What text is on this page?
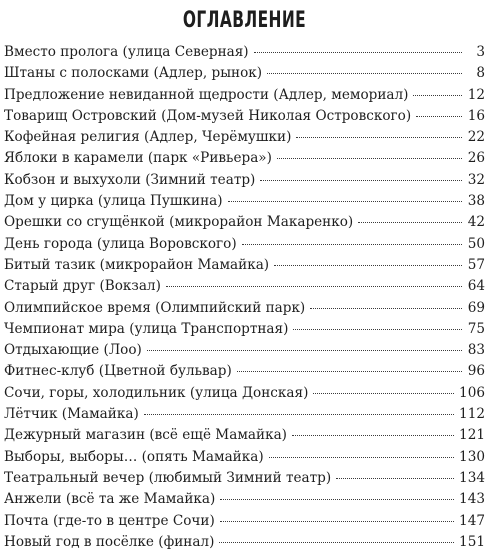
ОГЛАВЛЕНИЕ
Вместо пролога (улица Северная)	3
Штаны с полосками (Адлер, рынок)	8
Предложение невиданной щедрости (Адлер, мемориал)	12
Товарищ Островский (Дом-музей Николая Островского)	16
Кофейная религия (Адлер, Черёмушки)	22
Яблоки в карамели (парк «Ривьера»)	26
Кобзон и выхухоли (Зимний театр)	32
Дом у цирка (улица Пушкина)	38
Орешки со сгущёнкой (микрорайон Макаренко)	42
День города (улица Воровского)	50
Битый тазик (микрорайон Мамайка)	57
Старый друг (Вокзал)	64
Олимпийское время (Олимпийский парк)	69
Чемпионат мира (улица Транспортная)	75
Отдыхающие (Лоо)	83
Фитнес-клуб (Цветной бульвар)	96
Сочи, горы, холодильник (улица Донская)	106
Лётчик (Мамайка)	112
Дежурный магазин (всё ещё Мамайка)	121
Выборы, выборы… (опять Мамайка)	130
Театральный вечер (любимый Зимний театр)	134
Анжели (всё та же Мамайка)	143
Почта (где-то в центре Сочи)	147
Новый год в посёлке (финал)	151
